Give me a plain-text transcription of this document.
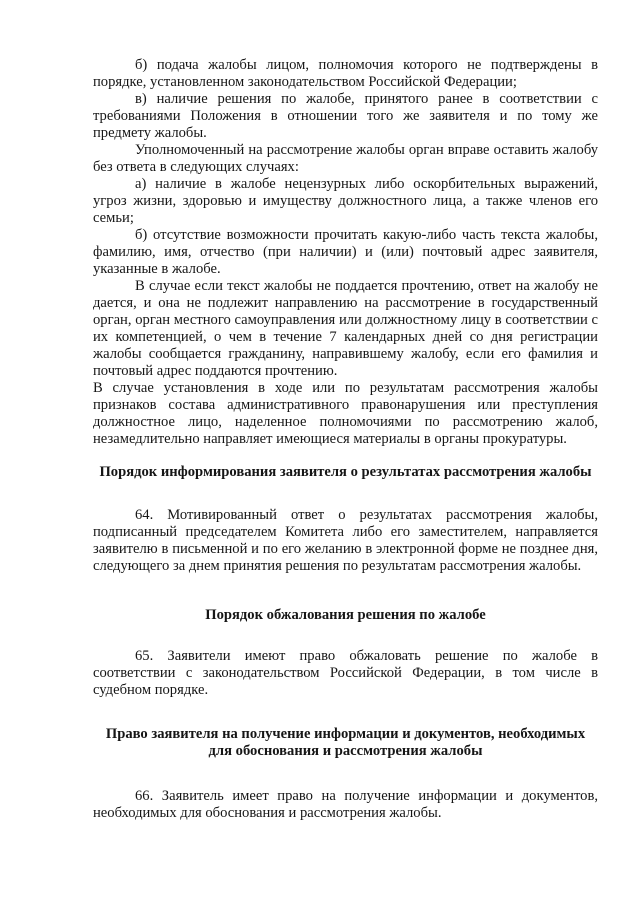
б) подача жалобы лицом, полномочия которого не подтверждены в порядке, установленном законодательством Российской Федерации;

в) наличие решения по жалобе, принятого ранее в соответствии с требованиями Положения в отношении того же заявителя и по тому же предмету жалобы.

Уполномоченный на рассмотрение жалобы орган вправе оставить жалобу без ответа в следующих случаях:

а) наличие в жалобе нецензурных либо оскорбительных выражений, угроз жизни, здоровью и имуществу должностного лица, а также членов его семьи;

б) отсутствие возможности прочитать какую-либо часть текста жалобы, фамилию, имя, отчество (при наличии) и (или) почтовый адрес заявителя, указанные в жалобе.

В случае если текст жалобы не поддается прочтению, ответ на жалобу не дается, и она не подлежит направлению на рассмотрение в государственный орган, орган местного самоуправления или должностному лицу в соответствии с их компетенцией, о чем в течение 7 календарных дней со дня регистрации жалобы сообщается гражданину, направившему жалобу, если его фамилия и почтовый адрес поддаются прочтению.

В случае установления в ходе или по результатам рассмотрения жалобы признаков состава административного правонарушения или преступления должностное лицо, наделенное полномочиями по рассмотрению жалоб, незамедлительно направляет имеющиеся материалы в органы прокуратуры.

Порядок информирования заявителя о результатах рассмотрения жалобы

64. Мотивированный ответ о результатах рассмотрения жалобы, подписанный председателем Комитета либо его заместителем, направляется заявителю в письменной и по его желанию в электронной форме не позднее дня, следующего за днем принятия решения по результатам рассмотрения жалобы.

Порядок обжалования решения по жалобе

65. Заявители имеют право обжаловать решение по жалобе в соответствии с законодательством Российской Федерации, в том числе в судебном порядке.

Право заявителя на получение информации и документов, необходимых для обоснования и рассмотрения жалобы

66. Заявитель имеет право на получение информации и документов, необходимых для обоснования и рассмотрения жалобы.
